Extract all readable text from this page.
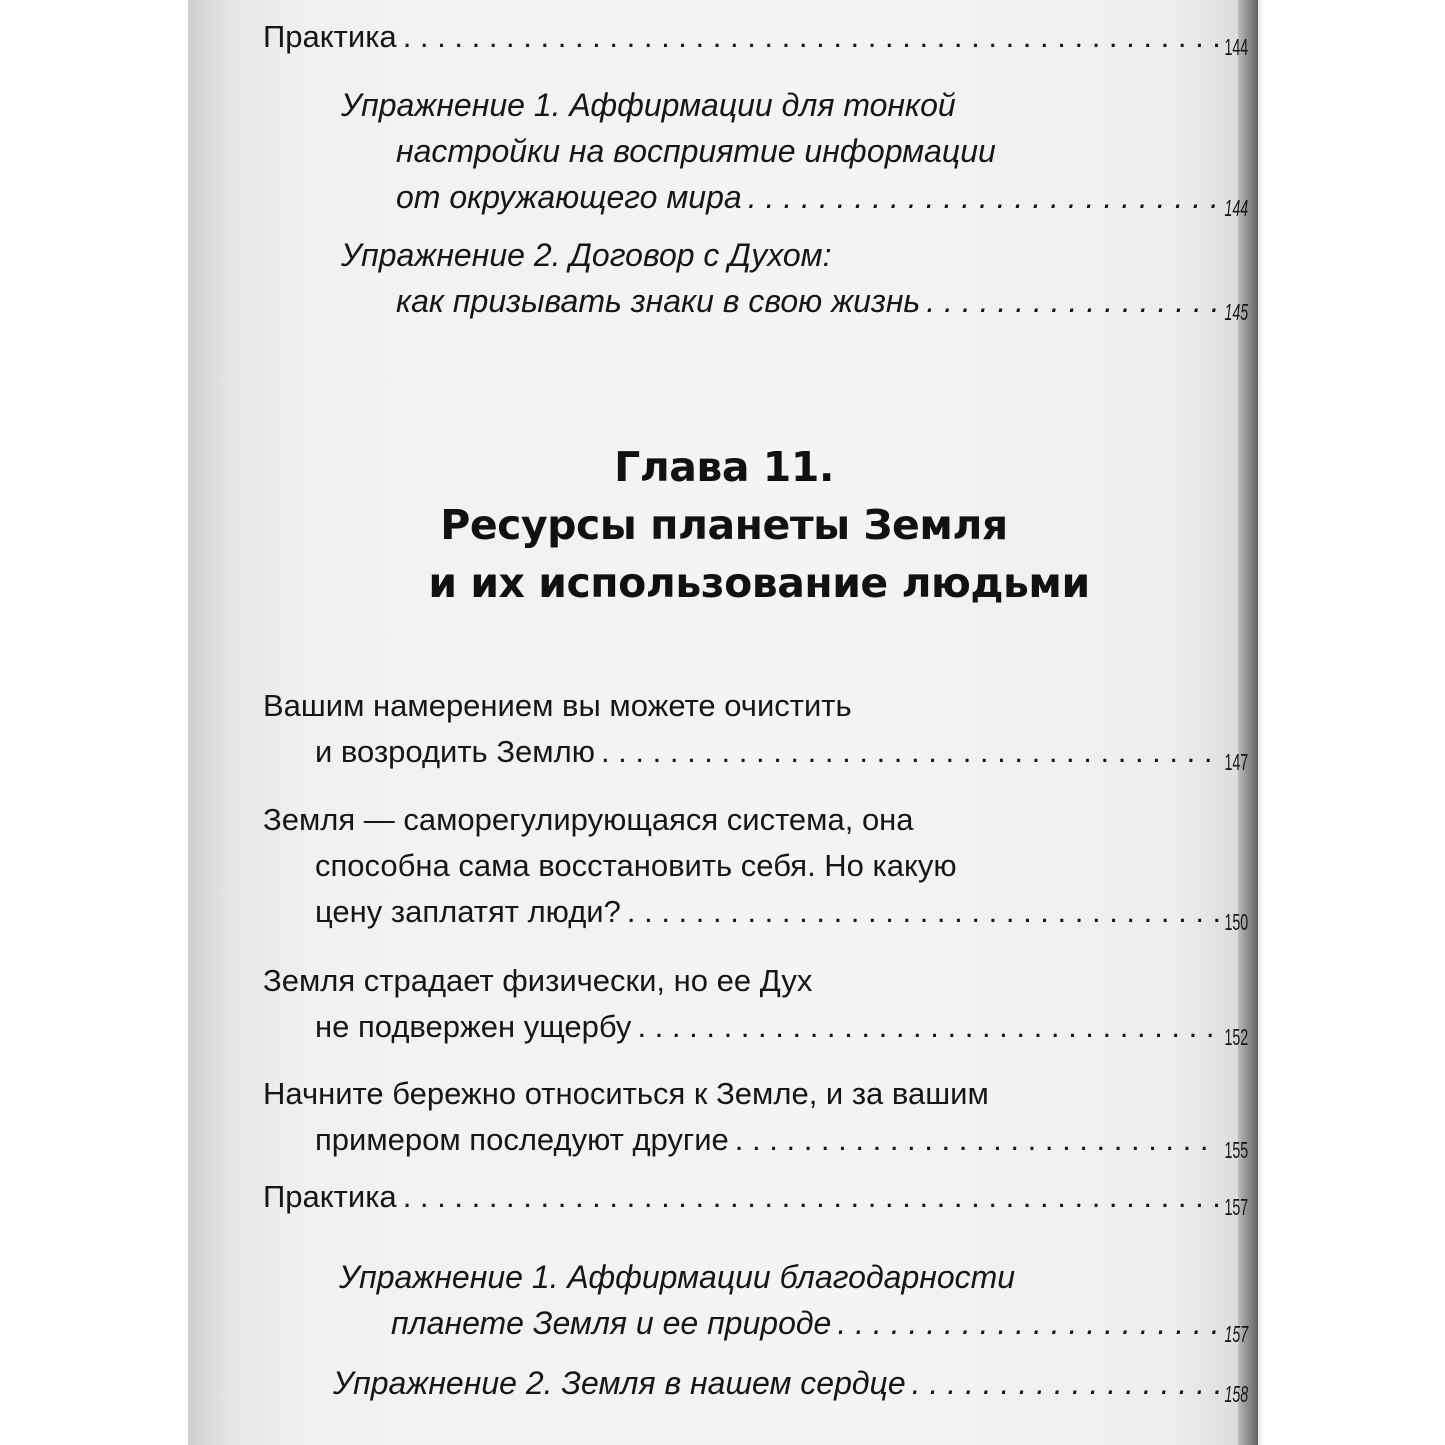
Практика . . .	144
Упражнение 1. Аффирмации для тонкой
настройки на восприятие информации
от окружающего мира . . .	144
Упражнение 2. Договор с Духом:
как призывать знаки в свою жизнь . . .	145
Глава 11.
Ресурсы планеты Земля
и их использование людьми
Вашим намерением вы можете очистить
и возродить Землю . . .	147
Земля — саморегулирующаяся система, она
способна сама восстановить себя. Но какую
цену заплатят люди? . . .	150
Земля страдает физически, но ее Дух
не подвержен ущербу . . .	152
Начните бережно относиться к Земле, и за вашим
примером последуют другие . . .	155
Практика . . .	157
Упражнение 1. Аффирмации благодарности
планете Земля и ее природе . . .	157
Упражнение 2. Земля в нашем сердце . . .	158
